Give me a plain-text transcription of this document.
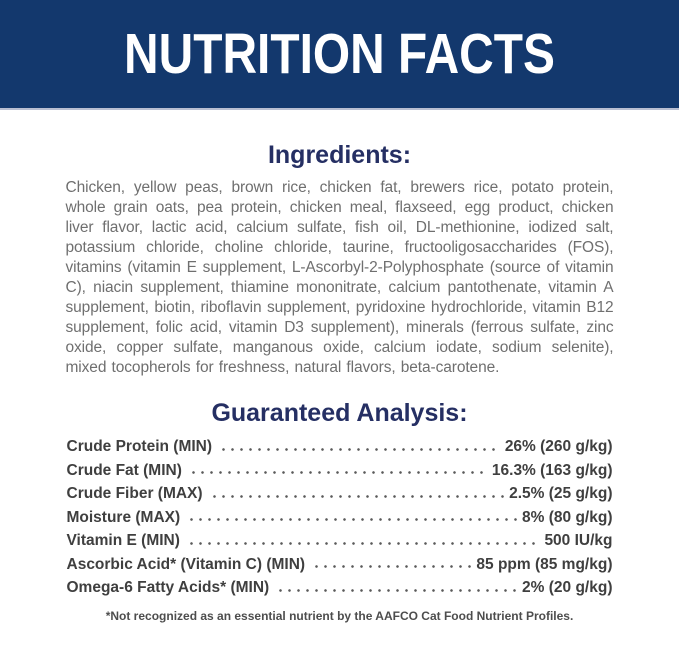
NUTRITION FACTS
Ingredients:

Chicken, yellow peas, brown rice, chicken fat, brewers rice, potato protein, whole grain oats, pea protein, chicken meal, flaxseed, egg product, chicken liver flavor, lactic acid, calcium sulfate, fish oil, DL-methionine, iodized salt, potassium chloride, choline chloride, taurine, fructooligosaccharides (FOS), vitamins (vitamin E supplement, L-Ascorbyl-2-Polyphosphate (source of vitamin C), niacin supplement, thiamine mononitrate, calcium pantothenate, vitamin A supplement, biotin, riboflavin supplement, pyridoxine hydrochloride, vitamin B12 supplement, folic acid, vitamin D3 supplement), minerals (ferrous sulfate, zinc oxide, copper sulfate, manganous oxide, calcium iodate, sodium selenite), mixed tocopherols for freshness, natural flavors, beta-carotene.

Guaranteed Analysis:
Crude Protein (MIN)	26% (260 g/kg)
Crude Fat (MIN)	16.3% (163 g/kg)
Crude Fiber (MAX)	2.5% (25 g/kg)
Moisture (MAX)	8% (80 g/kg)
Vitamin E (MIN)	500 IU/kg
Ascorbic Acid* (Vitamin C) (MIN)	85 ppm (85 mg/kg)
Omega-6 Fatty Acids* (MIN)	2% (20 g/kg)

*Not recognized as an essential nutrient by the AAFCO Cat Food Nutrient Profiles.
